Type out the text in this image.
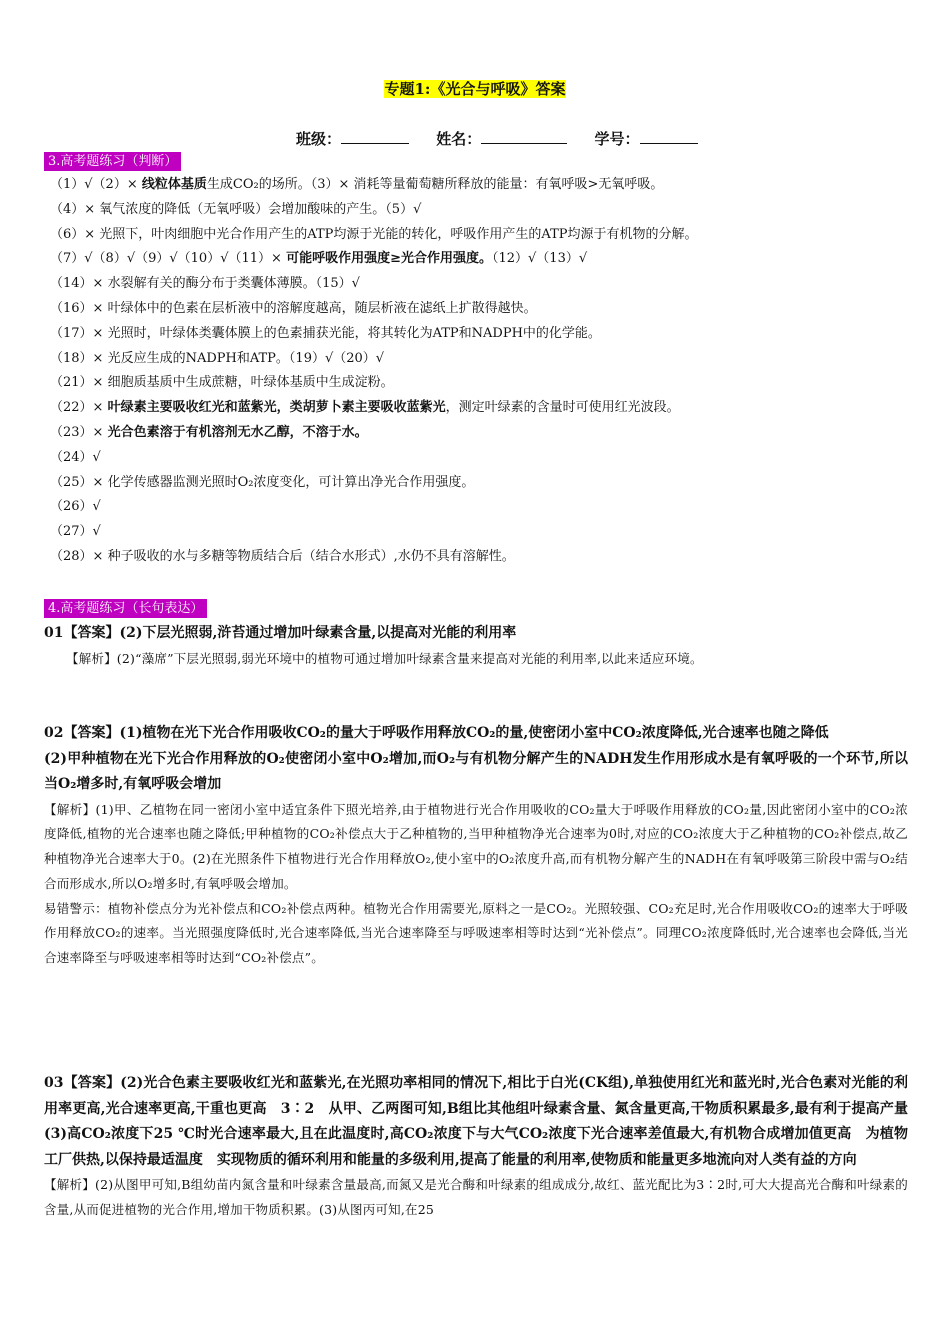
专题1:《光合与呼吸》答案
班级：	姓名：	学号：
3.高考题练习（判断）
（1）√（2）× 线粒体基质生成CO₂的场所。（3）× 消耗等量葡萄糖所释放的能量：有氧呼吸>无氧呼吸。
（4）× 氧气浓度的降低（无氧呼吸）会增加酸味的产生。（5）√
（6）× 光照下，叶肉细胞中光合作用产生的ATP均源于光能的转化，呼吸作用产生的ATP均源于有机物的分解。
（7）√（8）√（9）√（10）√（11）× 可能呼吸作用强度≥光合作用强度。（12）√（13）√
（14）× 水裂解有关的酶分布于类囊体薄膜。（15）√
（16）× 叶绿体中的色素在层析液中的溶解度越高，随层析液在滤纸上扩散得越快。
（17）× 光照时，叶绿体类囊体膜上的色素捕获光能，将其转化为ATP和NADPH中的化学能。
（18）× 光反应生成的NADPH和ATP。（19）√（20）√
（21）× 细胞质基质中生成蔗糖，叶绿体基质中生成淀粉。
（22）× 叶绿素主要吸收红光和蓝紫光，类胡萝卜素主要吸收蓝紫光，测定叶绿素的含量时可使用红光波段。
（23）× 光合色素溶于有机溶剂无水乙醇，不溶于水。
（24）√
（25）× 化学传感器监测光照时O₂浓度变化，可计算出净光合作用强度。
（26）√
（27）√
（28）× 种子吸收的水与多糖等物质结合后（结合水形式）,水仍不具有溶解性。
4.高考题练习（长句表达）
01【答案】(2)下层光照弱,浒苔通过增加叶绿素含量,以提高对光能的利用率
【解析】(2)“藻席”下层光照弱,弱光环境中的植物可通过增加叶绿素含量来提高对光能的利用率,以此来适应环境。
02【答案】(1)植物在光下光合作用吸收CO₂的量大于呼吸作用释放CO₂的量,使密闭小室中CO₂浓度降低,光合速率也随之降低
(2)甲种植物在光下光合作用释放的O₂使密闭小室中O₂增加,而O₂与有机物分解产生的NADH发生作用形成水是有氧呼吸的一个环节,所以当O₂增多时,有氧呼吸会增加
【解析】(1)甲、乙植物在同一密闭小室中适宜条件下照光培养,由于植物进行光合作用吸收的CO₂量大于呼吸作用释放的CO₂量,因此密闭小室中的CO₂浓度降低,植物的光合速率也随之降低;甲种植物的CO₂补偿点大于乙种植物的,当甲种植物净光合速率为0时,对应的CO₂浓度大于乙种植物的CO₂补偿点,故乙种植物净光合速率大于0。(2)在光照条件下植物进行光合作用释放O₂,使小室中的O₂浓度升高,而有机物分解产生的NADH在有氧呼吸第三阶段中需与O₂结合而形成水,所以O₂增多时,有氧呼吸会增加。
易错警示：植物补偿点分为光补偿点和CO₂补偿点两种。植物光合作用需要光,原料之一是CO₂。光照较强、CO₂充足时,光合作用吸收CO₂的速率大于呼吸作用释放CO₂的速率。当光照强度降低时,光合速率降低,当光合速率降至与呼吸速率相等时达到“光补偿点”。同理CO₂浓度降低时,光合速率也会降低,当光合速率降至与呼吸速率相等时达到“CO₂补偿点”。
03【答案】(2)光合色素主要吸收红光和蓝紫光,在光照功率相同的情况下,相比于白光(CK组),单独使用红光和蓝光时,光合色素对光能的利用率更高,光合速率更高,干重也更高　3∶2　从甲、乙两图可知,B组比其他组叶绿素含量、氮含量更高,干物质积累最多,最有利于提高产量　(3)高CO₂浓度下25 ℃时光合速率最大,且在此温度时,高CO₂浓度下与大气CO₂浓度下光合速率差值最大,有机物合成增加值更高　为植物工厂供热,以保持最适温度　实现物质的循环利用和能量的多级利用,提高了能量的利用率,使物质和能量更多地流向对人类有益的方向
【解析】(2)从图甲可知,B组幼苗内氮含量和叶绿素含量最高,而氮又是光合酶和叶绿素的组成成分,故红、蓝光配比为3∶2时,可大大提高光合酶和叶绿素的含量,从而促进植物的光合作用,增加干物质积累。(3)从图丙可知,在25
